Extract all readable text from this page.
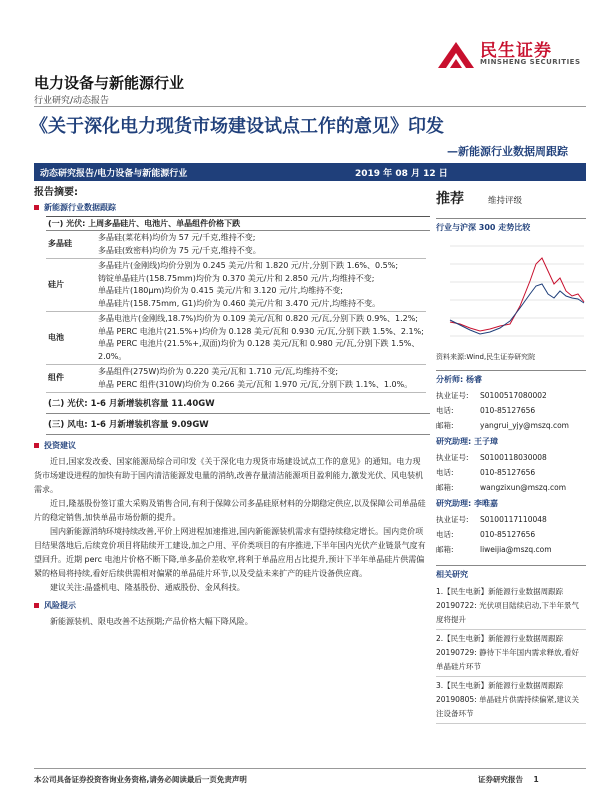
民生证券
MINSHENG SECURITIES
电力设备与新能源行业
行业研究/动态报告
《关于深化电力现货市场建设试点工作的意见》印发
—新能源行业数据周跟踪
动态研究报告/电力设备与新能源行业	2019 年 08 月 12 日
报告摘要:
新能源行业数据跟踪
(一) 光伏: 上周多晶硅片、电池片、单晶组件价格下跌
多晶硅	多晶硅(菜花料)均价为 57 元/千克,维持不变;
多晶硅(致密料)均价为 75 元/千克,维持不变。

硅片	多晶硅片(金刚线)均价分别为 0.245 美元/片和 1.820 元/片,分别下跌 1.6%、0.5%;
铸锭单晶硅片(158.75mm)均价为 0.370 美元/片和 2.850 元/片,均维持不变;
单晶硅片(180μm)均价为 0.415 美元/片和 3.120 元/片,均维持不变;
单晶硅片(158.75mm, G1)均价为 0.460 美元/片和 3.470 元/片,均维持不变。

电池	多晶电池片(金刚线,18.7%)均价为 0.109 美元/瓦和 0.820 元/瓦,分别下跌 0.9%、1.2%;
单晶 PERC 电池片(21.5%+)均价为 0.128 美元/瓦和 0.930 元/瓦,分别下跌 1.5%、2.1%;
单晶 PERC 电池片(21.5%+,双面)均价为 0.128 美元/瓦和 0.980 元/瓦,分别下跌 1.5%、2.0%。

组件	多晶组件(275W)均价为 0.220 美元/瓦和 1.710 元/瓦,均维持不变;
单晶 PERC 组件(310W)均价为 0.266 美元/瓦和 1.970 元/瓦,分别下跌 1.1%、1.0%。
(二) 光伏: 1-6 月新增装机容量 11.40GW
(三) 风电: 1-6 月新增装机容量 9.09GW
投资建议

近日,国家发改委、国家能源局综合司印发《关于深化电力现货市场建设试点工作的意见》的通知。电力现货市场建设进程的加快有助于国内清洁能源发电量的消纳,改善存量清洁能源项目盈利能力,激发光伏、风电装机需求。

近日,隆基股份签订重大采购及销售合同,有利于保障公司多晶硅原材料的分期稳定供应,以及保障公司单晶硅片的稳定销售,加快单晶市场份额的提升。

国内新能源消纳环境持续改善,平价上网进程加速推进,国内新能源装机需求有望持续稳定增长。国内竞价项目结果落地后,后续竞价项目将陆续开工建设,加之户用、平价类项目的有序推进,下半年国内光伏产业链景气度有望回升。近期 perc 电池片价格不断下降,单多晶价差收窄,将利于单晶应用占比提升,预计下半年单晶硅片供需偏紧的格局将持续,看好后续供需相对偏紧的单晶硅片环节,以及受益未来扩产的硅片设备供应商。

建议关注:晶盛机电、隆基股份、通威股份、金风科技。

风险提示

新能源装机、限电改善不达预期;产品价格大幅下降风险。

推荐	维持评级
行业与沪深 300 走势比较
资料来源:Wind,民生证券研究院
分析师: 杨睿
执业证号:	S0100517080002
电话:	010-85127656
邮箱:	yangrui_yjy@mszq.com
研究助理: 王子璋
执业证号:	S0100118030008
电话:	010-85127656
邮箱:	wangzixun@mszq.com
研究助理: 李唯嘉
执业证号:	S0100117110048
电话:	010-85127656
邮箱:	liweijia@mszq.com
相关研究
1.【民生电新】新能源行业数据周跟踪 20190722: 光伏项目陆续启动,下半年景气度将提升
2.【民生电新】新能源行业数据周跟踪 20190729: 静待下半年国内需求释放,看好单晶硅片环节
3.【民生电新】新能源行业数据周跟踪 20190805: 单晶硅片供需持续偏紧,建议关注设备环节
本公司具备证券投资咨询业务资格,请务必阅读最后一页免责声明	证券研究报告 1
